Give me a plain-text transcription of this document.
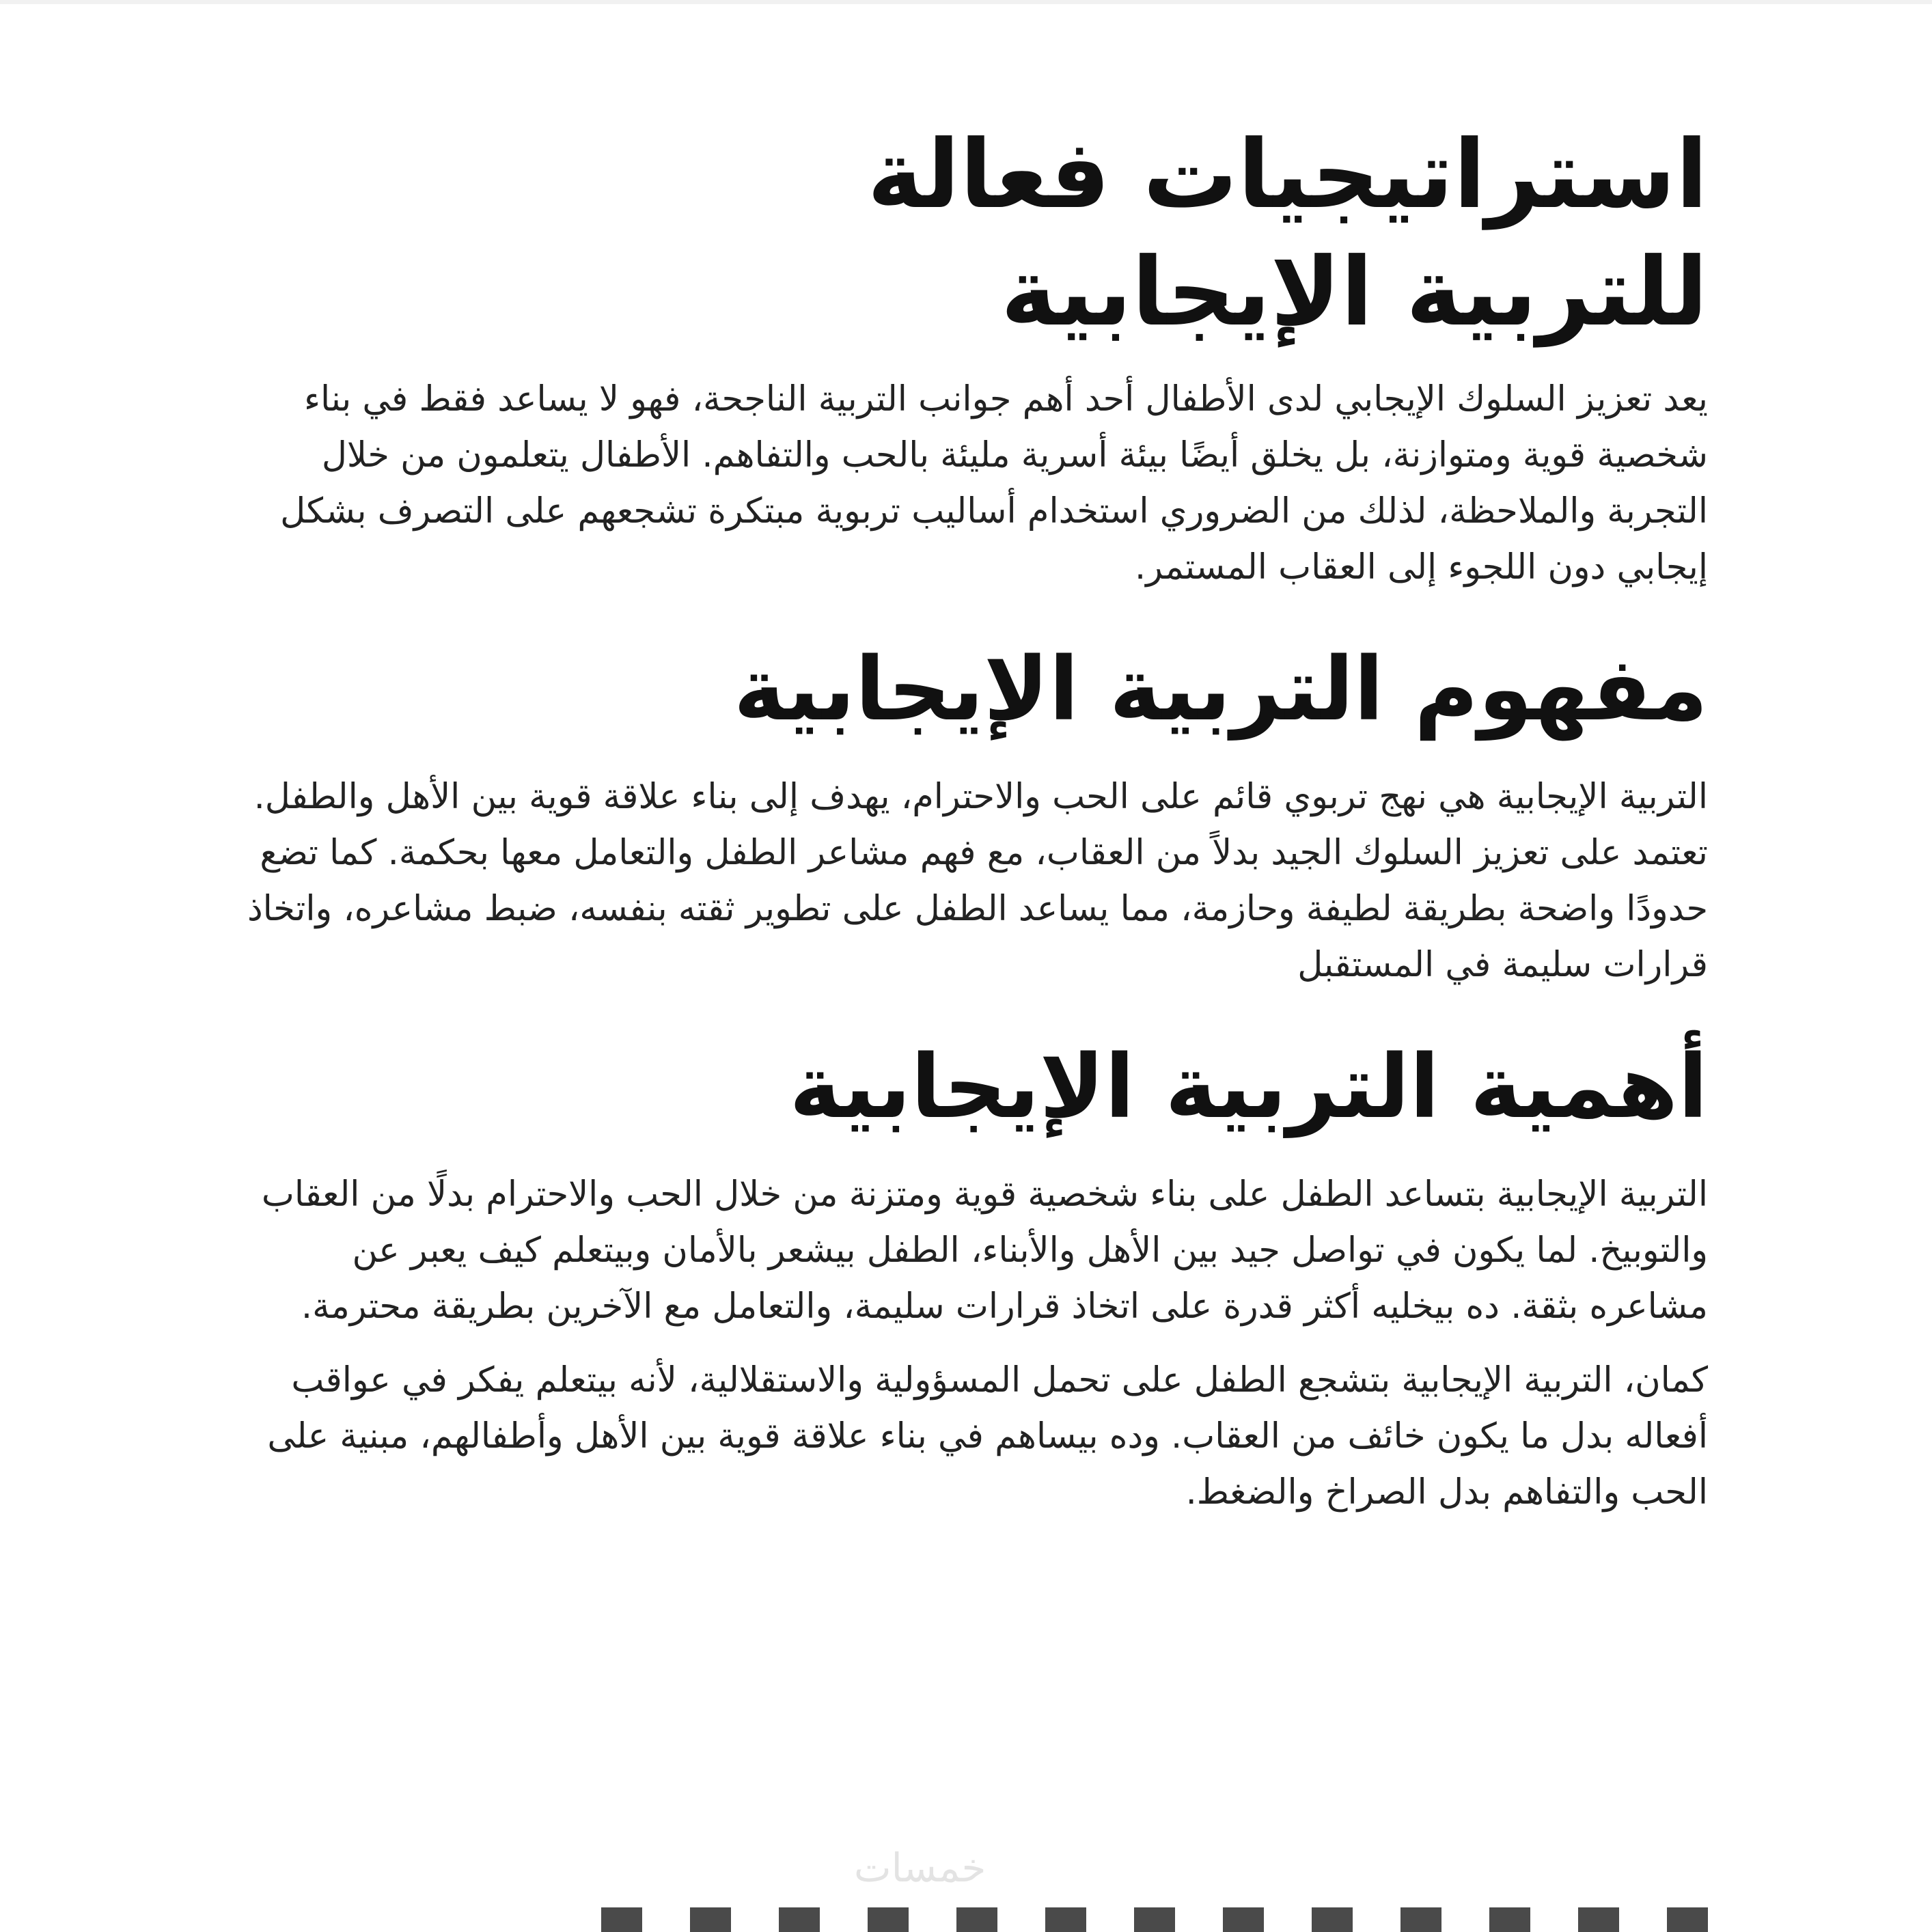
استراتيجيات فعالة للتربية الإيجابية

يعد تعزيز السلوك الإيجابي لدى الأطفال أحد أهم جوانب التربية الناجحة، فهو لا يساعد فقط في بناء شخصية قوية ومتوازنة، بل يخلق أيضًا بيئة أسرية مليئة بالحب والتفاهم. الأطفال يتعلمون من خلال التجربة والملاحظة، لذلك من الضروري استخدام أساليب تربوية مبتكرة تشجعهم على التصرف بشكل إيجابي دون اللجوء إلى العقاب المستمر.

مفهوم التربية الإيجابية

التربية الإيجابية هي نهج تربوي قائم على الحب والاحترام، يهدف إلى بناء علاقة قوية بين الأهل والطفل. تعتمد على تعزيز السلوك الجيد بدلاً من العقاب، مع فهم مشاعر الطفل والتعامل معها بحكمة. كما تضع حدودًا واضحة بطريقة لطيفة وحازمة، مما يساعد الطفل على تطوير ثقته بنفسه، ضبط مشاعره، واتخاذ قرارات سليمة في المستقبل

أهمية التربية الإيجابية

التربية الإيجابية بتساعد الطفل على بناء شخصية قوية ومتزنة من خلال الحب والاحترام بدلًا من العقاب والتوبيخ. لما يكون في تواصل جيد بين الأهل والأبناء، الطفل بيشعر بالأمان وبيتعلم كيف يعبر عن مشاعره بثقة. ده بيخليه أكثر قدرة على اتخاذ قرارات سليمة، والتعامل مع الآخرين بطريقة محترمة.

كمان، التربية الإيجابية بتشجع الطفل على تحمل المسؤولية والاستقلالية، لأنه بيتعلم يفكر في عواقب أفعاله بدل ما يكون خائف من العقاب. وده بيساهم في بناء علاقة قوية بين الأهل وأطفالهم، مبنية على الحب والتفاهم بدل الصراخ والضغط.

خمسات
